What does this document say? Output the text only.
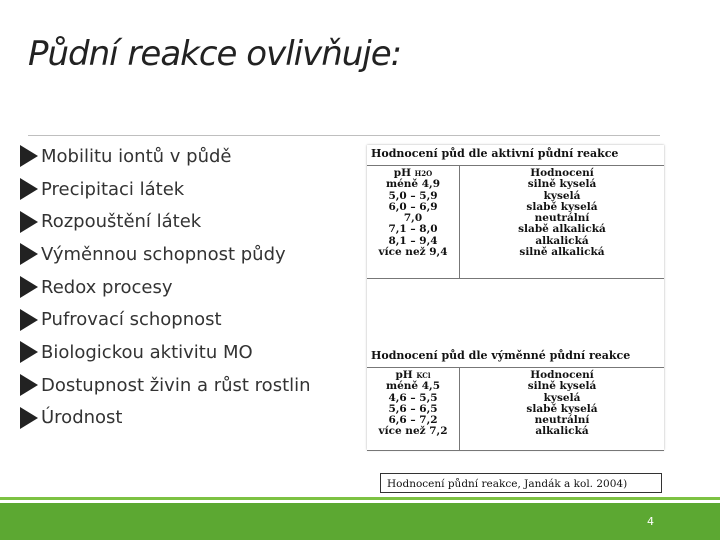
Půdní reakce ovlivňuje:
Mobilitu iontů v půdě
Precipitaci látek
Rozpouštění látek
Výměnnou schopnost půdy
Redox procesy
Pufrovací schopnost
Biologickou aktivitu MO
Dostupnost živin a růst rostlin
Úrodnost
Hodnocení půd dle aktivní půdní reakce
pH H2O
méně 4,9
5,0 – 5,9
6,0 – 6,9
7,0
7,1 – 8,0
8,1 – 9,4
více než 9,4
Hodnocení
silně kyselá
kyselá
slabě kyselá
neutrální
slabě alkalická
alkalická
silně alkalická
Hodnocení půd dle výměnné půdní reakce
pH KCl
méně 4,5
4,6 – 5,5
5,6 – 6,5
6,6 – 7,2
více než 7,2
Hodnocení
silně kyselá
kyselá
slabě kyselá
neutrální
alkalická
Hodnocení půdní reakce, Jandák a kol. 2004)
4
